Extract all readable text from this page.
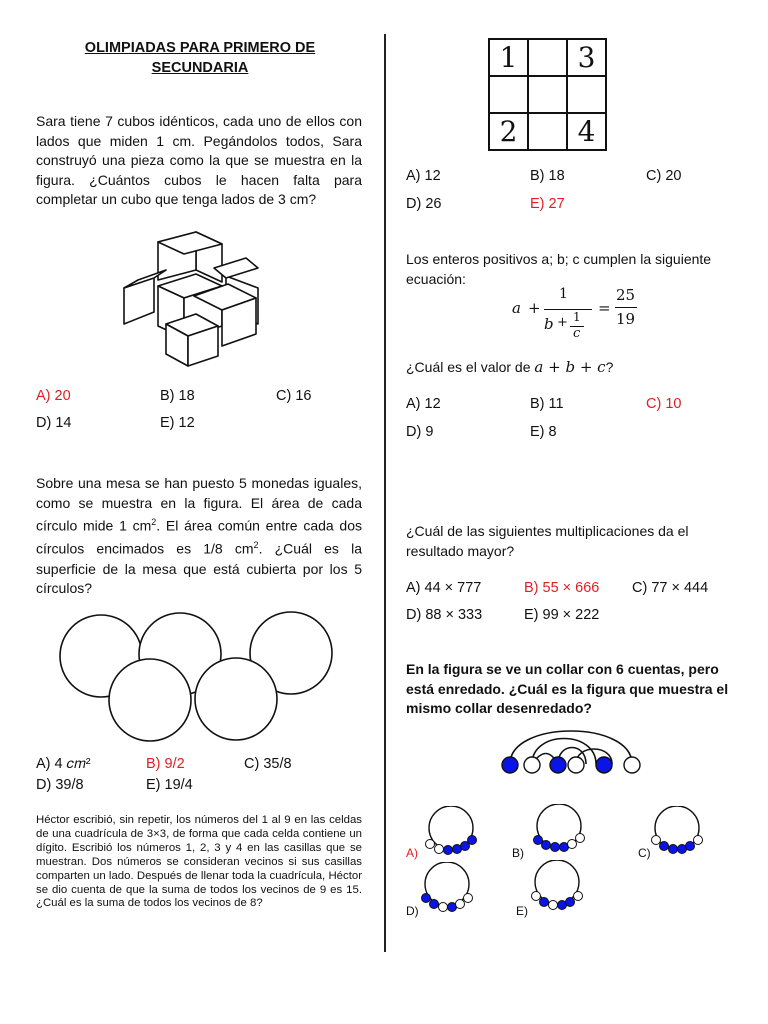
OLIMPIADAS PARA PRIMERO DE
SECUNDARIA
Sara tiene 7 cubos idénticos, cada uno de ellos con lados que miden 1 cm. Pegándolos todos, Sara construyó una pieza como la que se muestra en la figura. ¿Cuántos cubos le hacen falta para completar un cubo que tenga lados de 3 cm?
A) 20	B) 18	C) 16
D) 14	E) 12
Sobre una mesa se han puesto 5 monedas iguales, como se muestra en la figura. El área de cada círculo mide 1 $cm^2$. El área común entre cada dos círculos encimados es 1/8 $cm^2$. ¿Cuál es la superficie de la mesa que está cubierta por los 5 círculos?
A) 4 𝑐𝑚²	B) 9/2	C) 35/8
D) 39/8	E) 19/4
Héctor escribió, sin repetir, los números del 1 al 9 en las celdas de una cuadrícula de 3×3, de forma que cada celda contiene un dígito. Escribió los números 1, 2, 3 y 4 en las casillas que se muestran. Dos números se consideran vecinos si sus casillas comparten un lado. Después de llenar toda la cuadrícula, Héctor se dio cuenta de que la suma de todos los vecinos de 9 es 15. ¿Cuál es la suma de todos los vecinos de 8?
1		3

2		4
A) 12	B) 18	C) 20
D) 26	E) 27
Los enteros positivos a; b; c cumplen la siguiente ecuación:
a +
1
b + 1
c
=
25
19
¿Cuál es el valor de a + b + c?
A) 12	B) 11	C) 10
D) 9	E) 8
¿Cuál de las siguientes multiplicaciones da el resultado mayor?
A) 44 × 777	B) 55 × 666 C) 77 × 444
D) 88 × 333	E) 99 × 222
En la figura se ve un collar con 6 cuentas, pero está enredado. ¿Cuál es la figura que muestra el mismo collar desenredado?
A)	B)	C)
D)	E)
